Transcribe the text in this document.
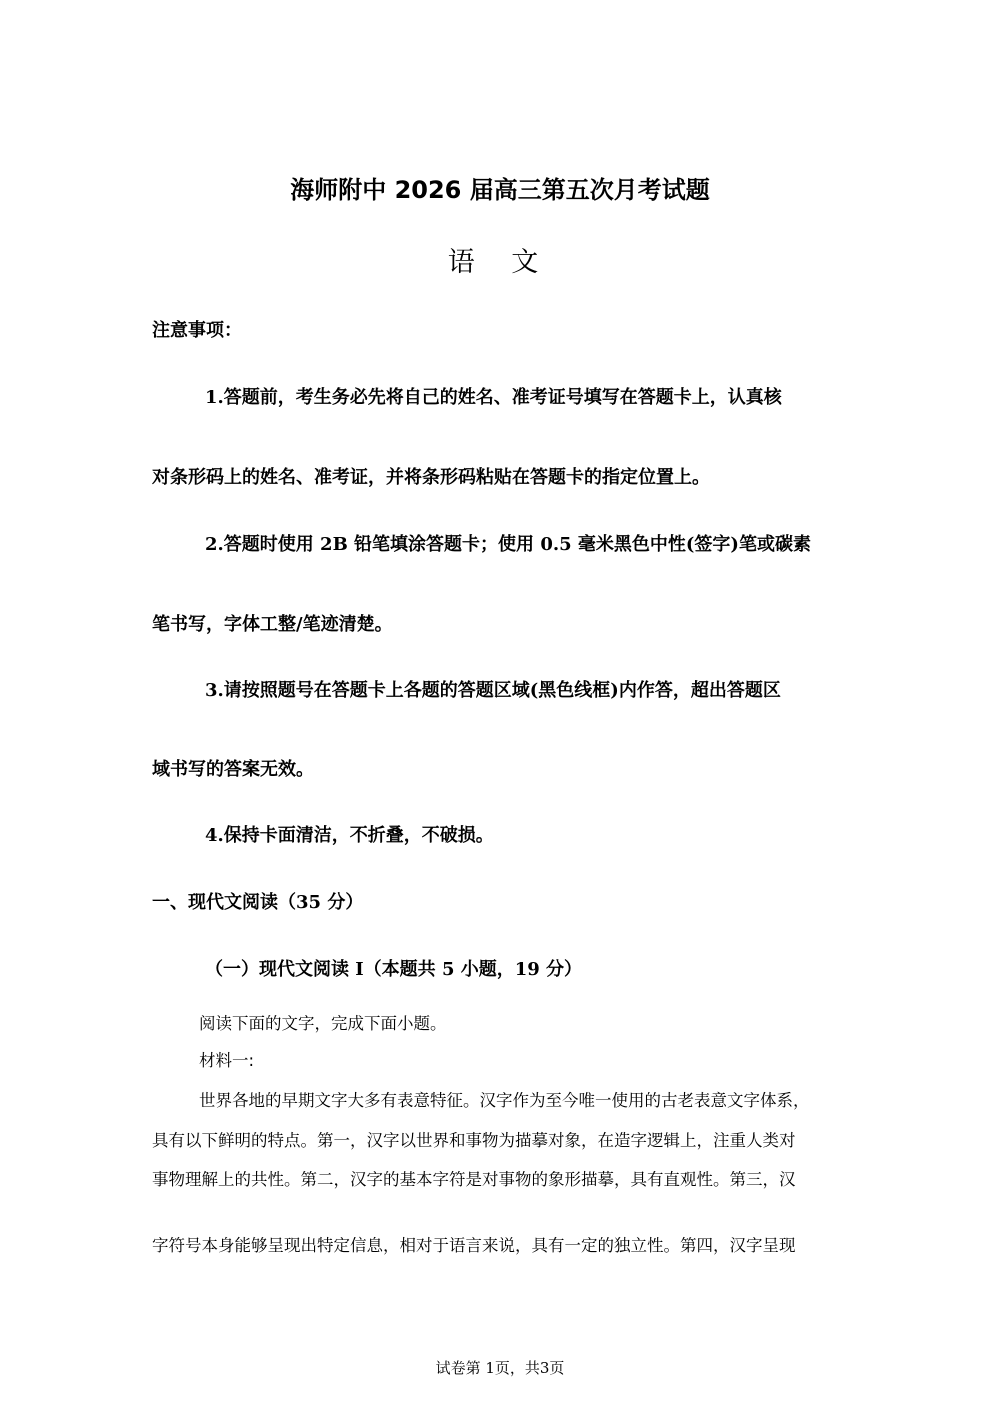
海师附中 2026 届高三第五次月考试题
语 文
注意事项：
1.答题前，考生务必先将自己的姓名、准考证号填写在答题卡上，认真核
对条形码上的姓名、准考证，并将条形码粘贴在答题卡的指定位置上。
2.答题时使用 2B 铅笔填涂答题卡；使用 0.5 毫米黑色中性(签字)笔或碳素
笔书写，字体工整/笔迹清楚。
3.请按照题号在答题卡上各题的答题区域(黑色线框)内作答，超出答题区
域书写的答案无效。
4.保持卡面清洁，不折叠，不破损。
一、现代文阅读（35 分）
（一）现代文阅读 I（本题共 5 小题，19 分）
阅读下面的文字，完成下面小题。
材料一:
世界各地的早期文字大多有表意特征。汉字作为至今唯一使用的古老表意文字体系，
具有以下鲜明的特点。第一，汉字以世界和事物为描摹对象，在造字逻辑上，注重人类对
事物理解上的共性。第二，汉字的基本字符是对事物的象形描摹，具有直观性。第三，汉
字符号本身能够呈现出特定信息，相对于语言来说，具有一定的独立性。第四，汉字呈现
试卷第 1页，共3页
